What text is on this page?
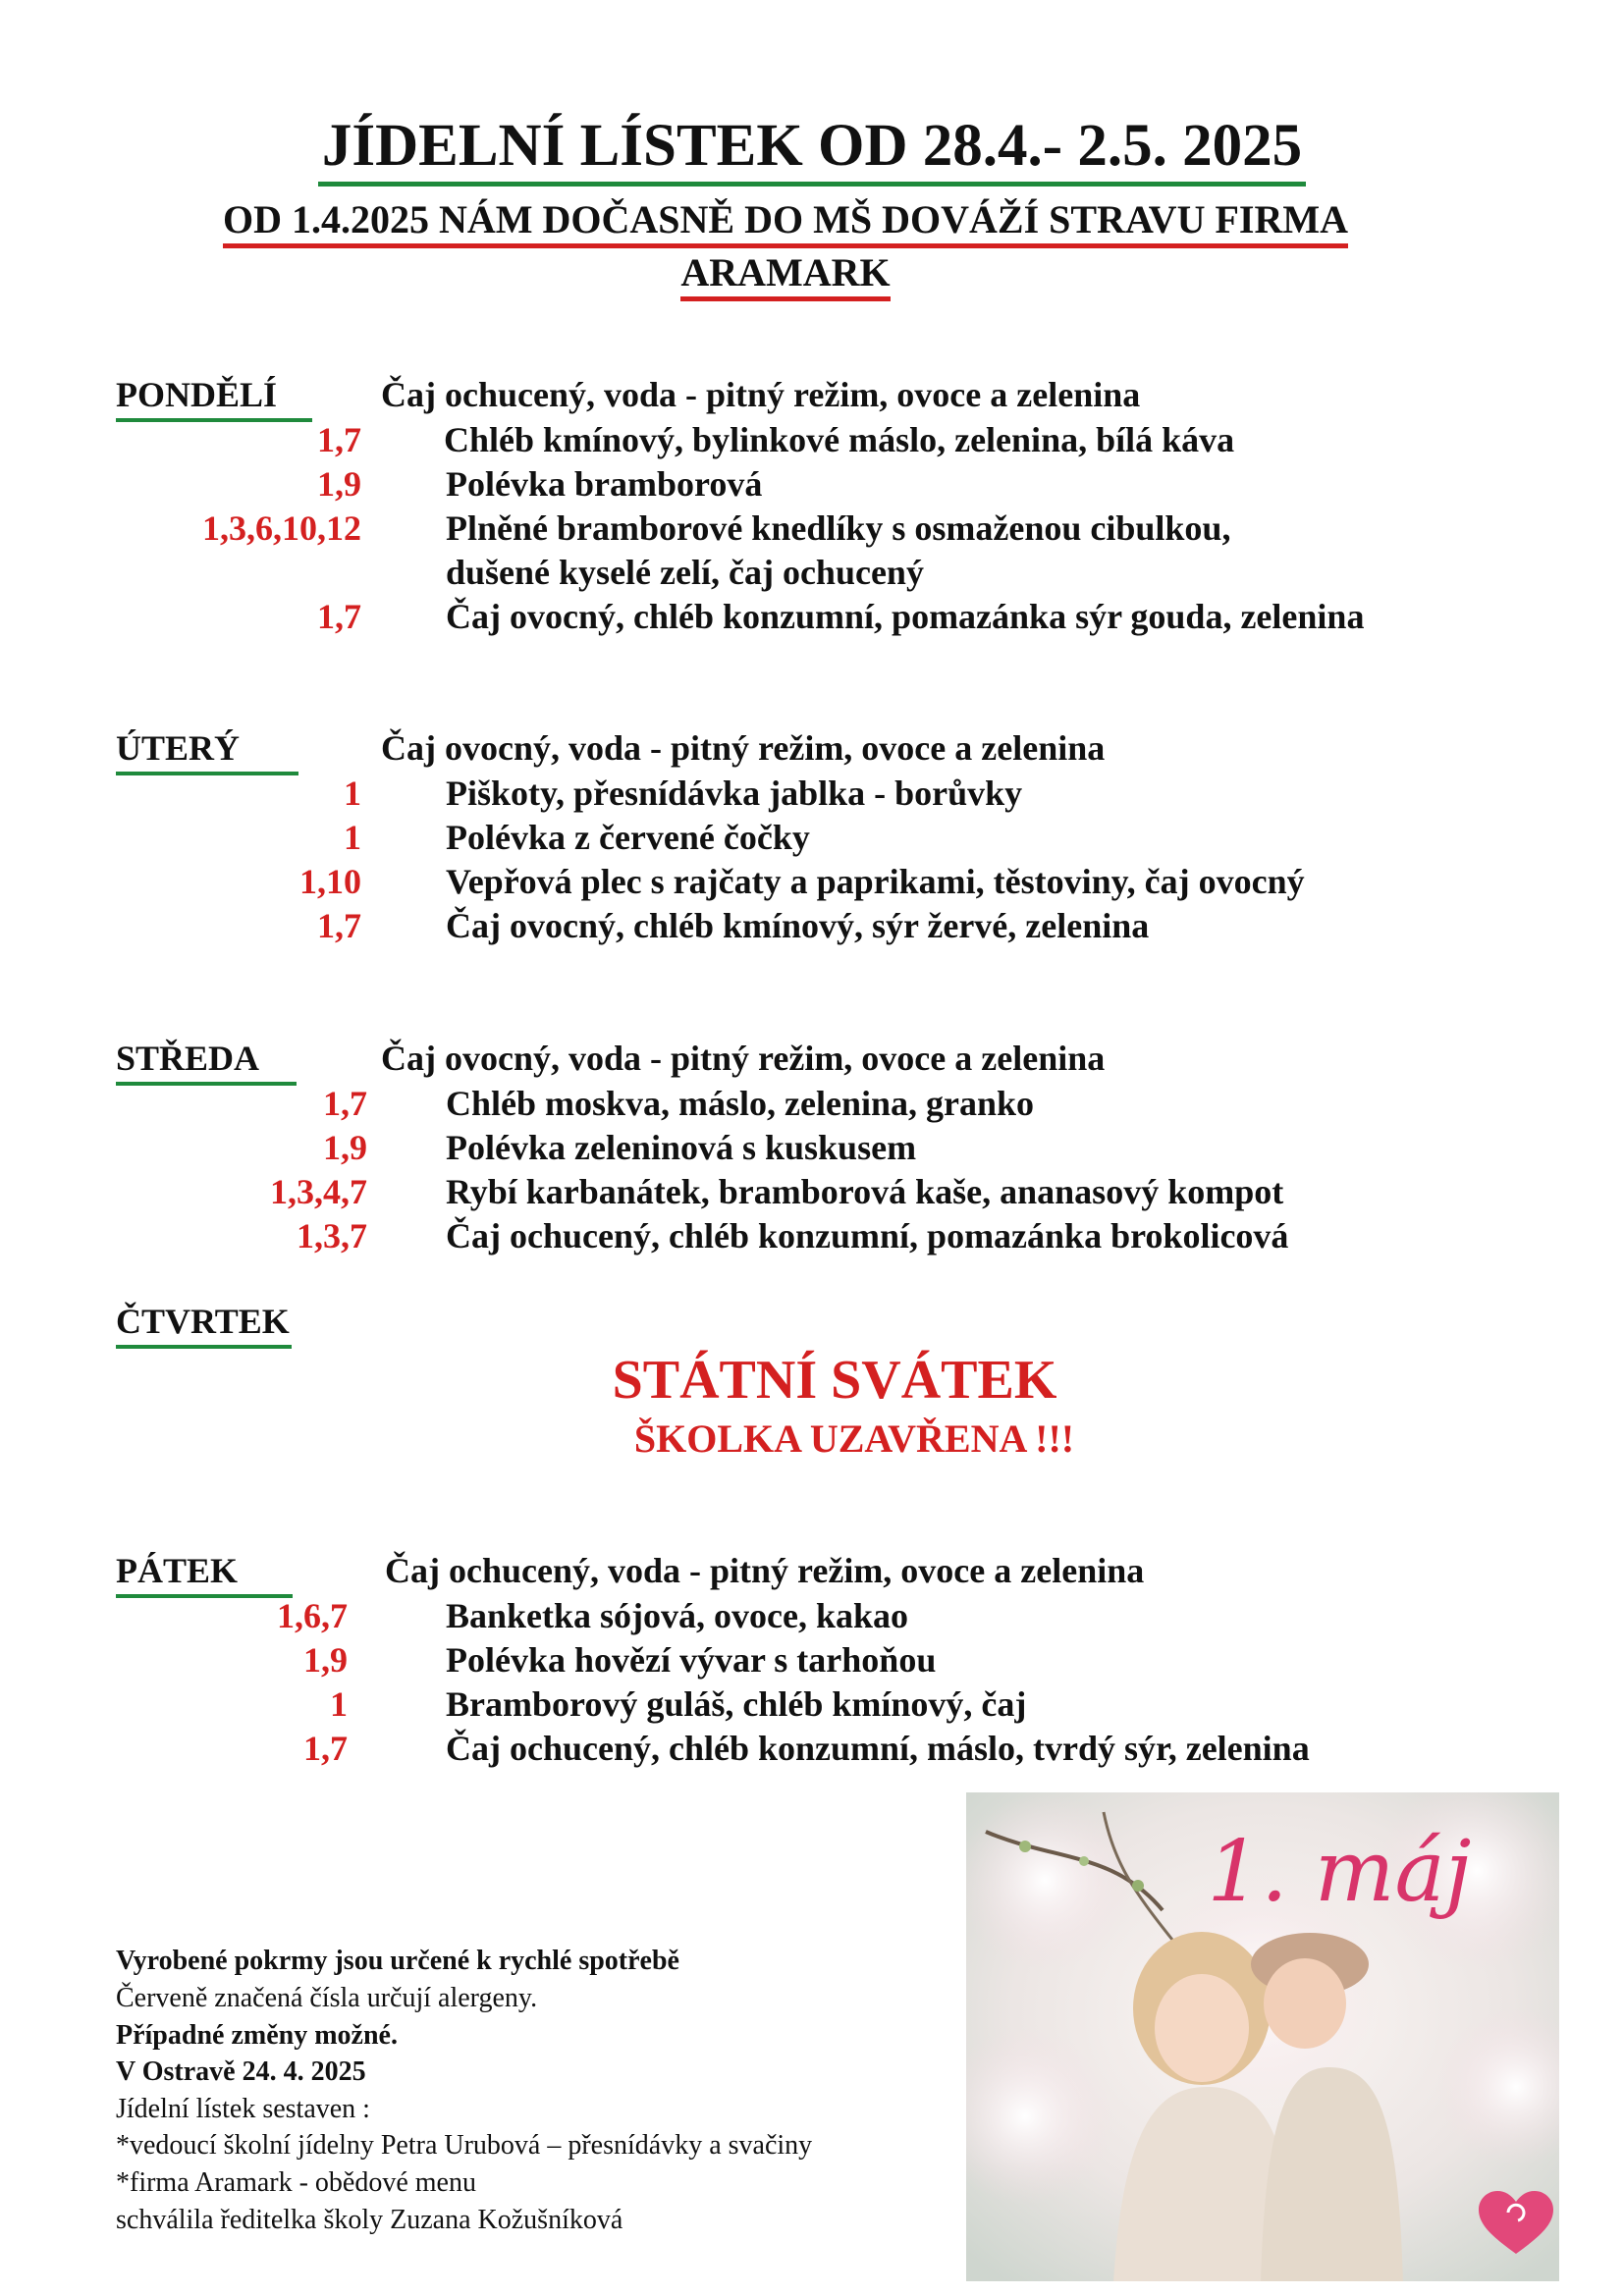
JÍDELNÍ LÍSTEK OD 28.4.- 2.5. 2025
OD 1.4.2025 NÁM DOČASNĚ DO MŠ DOVÁŽÍ STRAVU FIRMA
ARAMARK
PONDĚLÍ	Čaj ochucený, voda - pitný režim, ovoce a zelenina
1,7 Chléb kmínový, bylinkové máslo, zelenina, bílá káva
1,9 Polévka bramborová
1,3,6,10,12 Plněné bramborové knedlíky s osmaženou cibulkou,
dušené kyselé zelí, čaj ochucený
1,7 Čaj ovocný, chléb konzumní, pomazánka sýr gouda, zelenina
ÚTERÝ	Čaj ovocný, voda - pitný režim, ovoce a zelenina
1 Piškoty, přesnídávka jablka - borůvky
1 Polévka z červené čočky
1,10 Vepřová plec s rajčaty a paprikami, těstoviny, čaj ovocný
1,7 Čaj ovocný, chléb kmínový, sýr žervé, zelenina
STŘEDA	Čaj ovocný, voda - pitný režim, ovoce a zelenina
1,7 Chléb moskva, máslo, zelenina, granko
1,9 Polévka zeleninová s kuskusem
1,3,4,7 Rybí karbanátek, bramborová kaše, ananasový kompot
1,3,7 Čaj ochucený, chléb konzumní, pomazánka brokolicová
ČTVRTEK
STÁTNÍ SVÁTEK
ŠKOLKA UZAVŘENA !!!
PÁTEK	Čaj ochucený, voda - pitný režim, ovoce a zelenina
1,6,7	Banketka sójová, ovoce, kakao
1,9	Polévka hovězí vývar s tarhoňou
1	Bramborový guláš, chléb kmínový, čaj
1,7	Čaj ochucený, chléb konzumní, máslo, tvrdý sýr, zelenina
Vyrobené pokrmy jsou určené k rychlé spotřebě
Červeně značená čísla určují alergeny.
Případné změny možné.
V Ostravě 24. 4. 2025
Jídelní lístek sestaven :
*vedoucí školní jídelny Petra Urubová – přesnídávky a svačiny
*firma Aramark - obědové menu
schválila ředitelka školy Zuzana Kožušníková
1. máj
